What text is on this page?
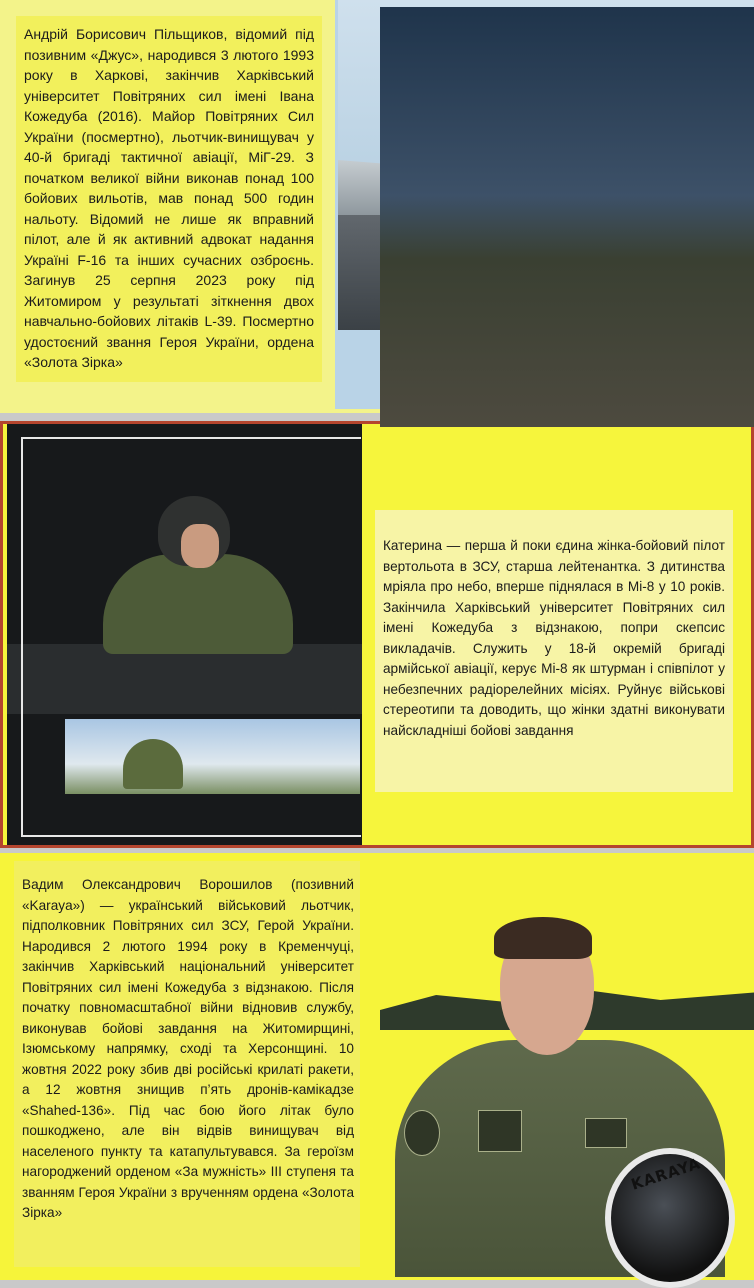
Андрій Борисович Пільщиков, відомий під позивним «Джус», народився 3 лютого 1993 року в Харкові, закінчив Харківський університет Повітряних сил імені Івана Кожедуба (2016). Майор Повітряних Сил України (посмертно), льотчик-винищувач у 40-й бригаді тактичної авіації, МіГ-29. З початком великої війни виконав понад 100 бойових вильотів, мав понад 500 годин нальоту. Відомий не лише як вправний пілот, але й як активний адвокат надання Україні F-16 та інших сучасних озброєнь. Загинув 25 серпня 2023 року під Житомиром у результаті зіткнення двох навчально-бойових літаків L-39. Посмертно удостоєний звання Героя України, ордена «Золота Зірка»
Катерина — перша й поки єдина жінка-бойовий пілот вертольота в ЗСУ, старша лейтенантка. З дитинства мріяла про небо, вперше піднялася в Мі-8 у 10 років. Закінчила Харківський університет Повітряних сил імені Кожедуба з відзнакою, попри скепсис викладачів. Служить у 18-й окремій бригаді армійської авіації, керує Мі-8 як штурман і співпілот у небезпечних радіорелейних місіях. Руйнує військові стереотипи та доводить, що жінки здатні виконувати найскладніші бойові завдання
Вадим Олександрович Ворошилов (позивний «Karaya») — український військовий льотчик, підполковник Повітряних сил ЗСУ, Герой України. Народився 2 лютого 1994 року в Кременчуці, закінчив Харківський національний університет Повітряних сил імені Кожедуба з відзнакою. Після початку повномасштабної війни відновив службу, виконував бойові завдання на Житомирщині, Ізюмському напрямку, сході та Херсонщині. 10 жовтня 2022 року збив дві російські крилаті ракети, а 12 жовтня знищив п’ять дронів-камікадзе «Shahed-136». Під час бою його літак було пошкоджено, але він відвів винищувач від населеного пункту та катапультувався. За героїзм нагороджений орденом «За мужність» III ступеня та званням Героя України з врученням ордена «Золота Зірка»
KARAYA
